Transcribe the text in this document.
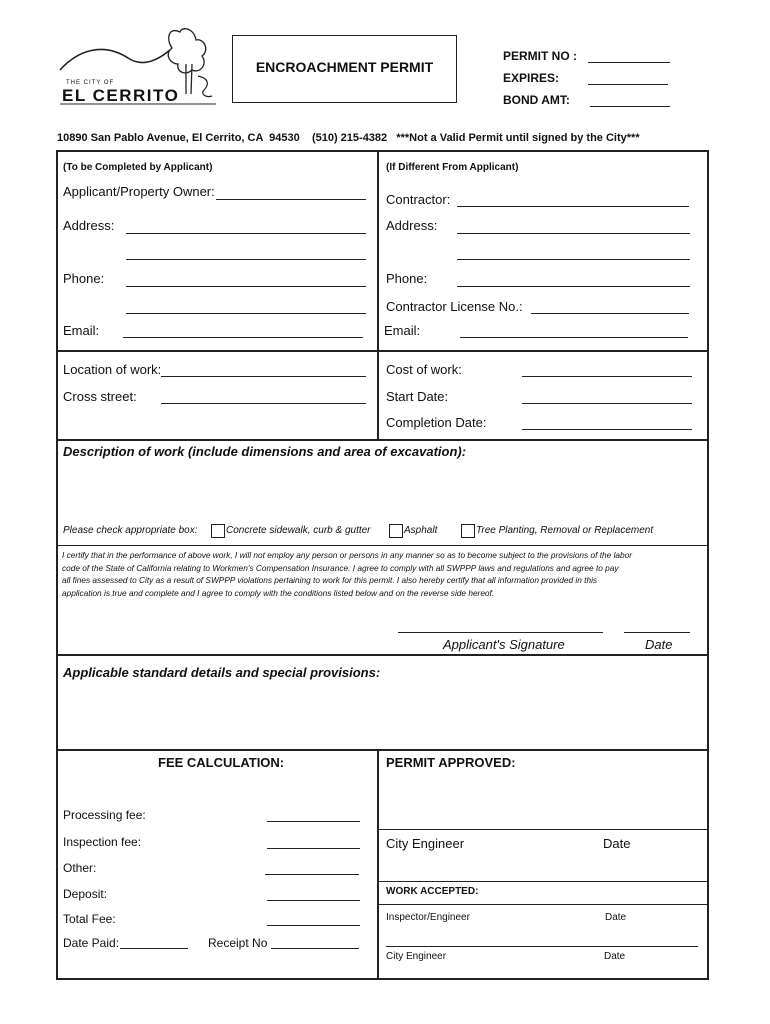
THE CITY OF
EL CERRITO
ENCROACHMENT PERMIT
PERMIT NO :
EXPIRES:
BOND AMT:
10890 San Pablo Avenue, El Cerrito, CA  94530    (510) 215-4382   ***Not a Valid Permit until signed by the City***
(To be Completed by Applicant)
Applicant/Property Owner:
Address:
Phone:
Email:
(If Different From Applicant)
Contractor:
Address:
Phone:
Contractor License No.:
Email:
Location of work:
Cross street:
Cost of work:
Start Date:
Completion Date:
Description of work (include dimensions and area of excavation):
Please check appropriate box:	Concrete sidewalk, curb & gutter	Asphalt	Tree Planting, Removal or Replacement
I certify that in the performance of above work, I will not employ any person or persons in any manner so as to become subject to the provisions of the labor
code of the State of California relating to Workmen's Compensation Insurance. I agree to comply with all SWPPP laws and regulations and agree to pay
all fines assessed to City as a result of SWPPP violations pertaining to work for this permit. I also hereby certify that all information provided in this
application is true and complete and I agree to comply with the conditions listed below and on the reverse side hereof.
Applicant's Signature	Date
Applicable standard details and special provisions:
FEE CALCULATION:
Processing fee:
Inspection fee:
Other:
Deposit:
Total Fee:
Date Paid:	Receipt No
PERMIT APPROVED:
City Engineer	Date
WORK ACCEPTED:
Inspector/Engineer	Date
City Engineer	Date
